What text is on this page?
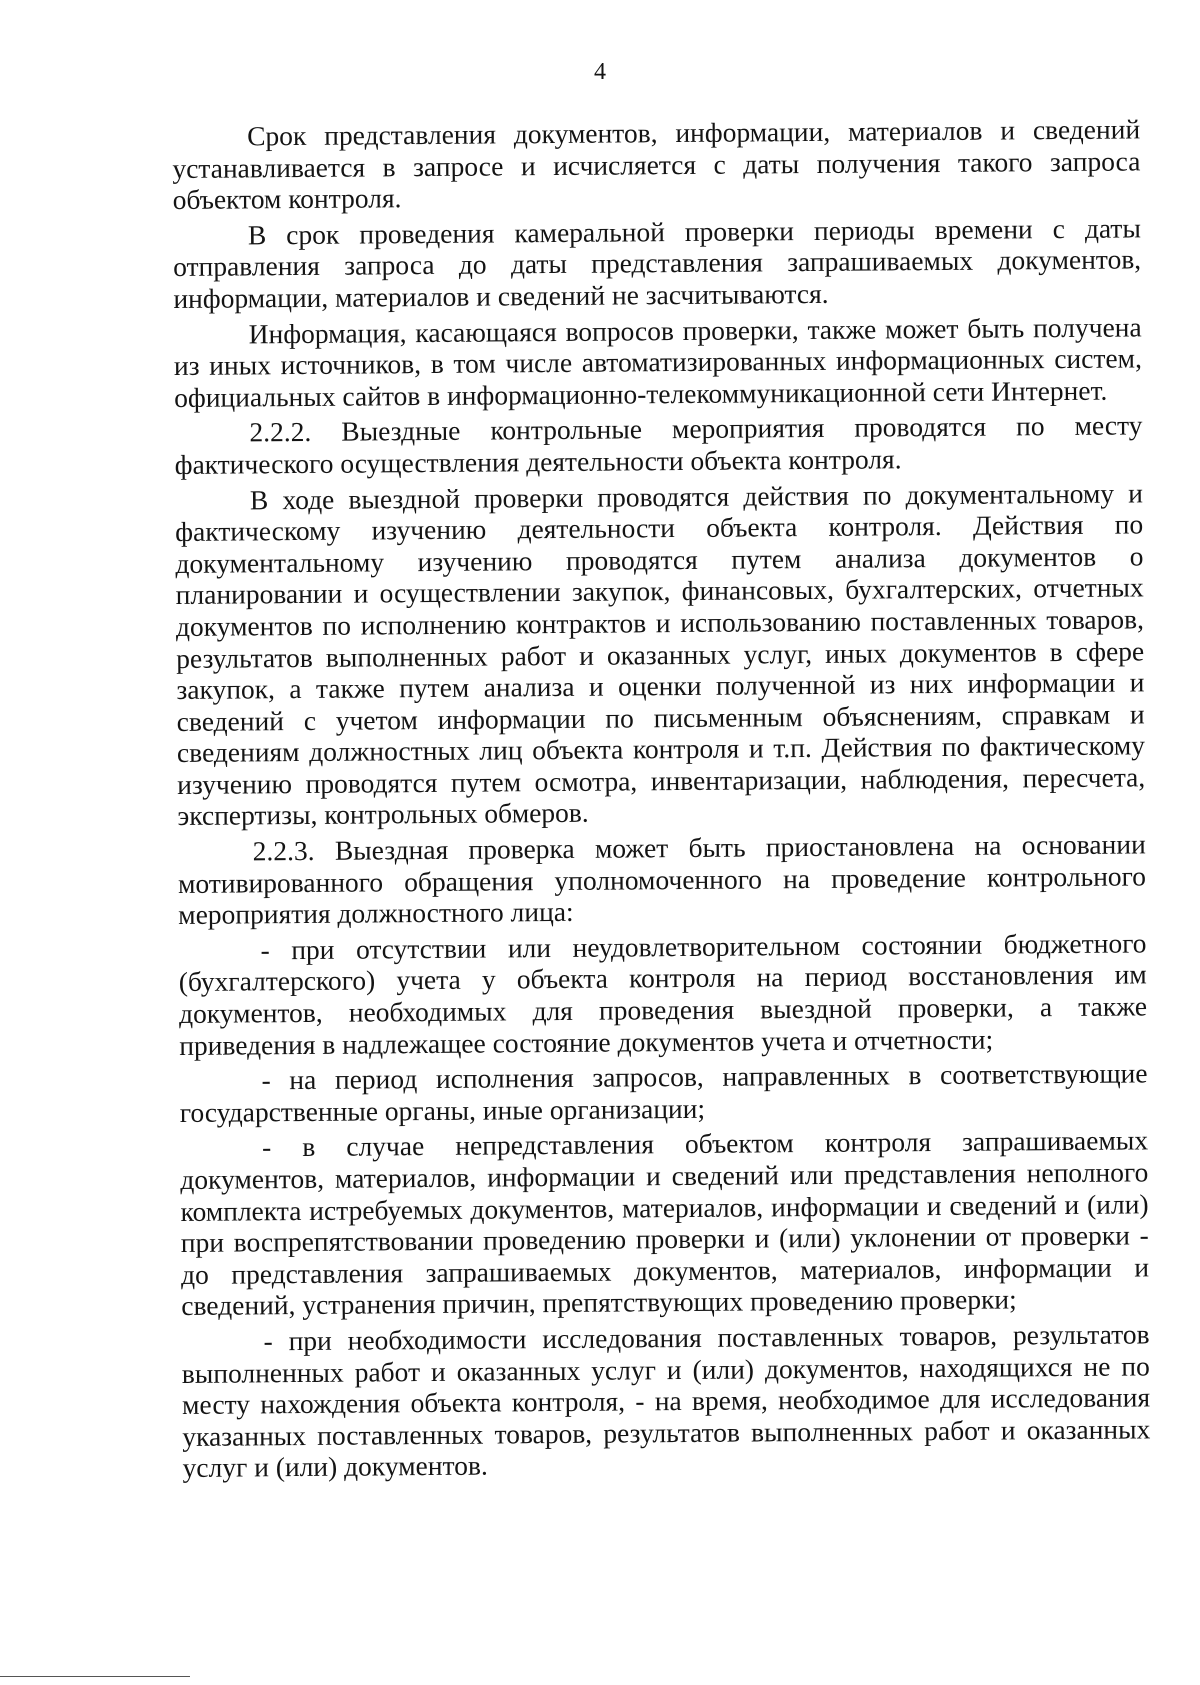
4

Срок представления документов, информации, материалов и сведений устанавливается в запросе и исчисляется с даты получения такого запроса объектом контроля.

В срок проведения камеральной проверки периоды времени с даты отправления запроса до даты представления запрашиваемых документов, информации, материалов и сведений не засчитываются.

Информация, касающаяся вопросов проверки, также может быть получена из иных источников, в том числе автоматизированных информационных систем, официальных сайтов в информационно-телекоммуникационной сети Интернет.

2.2.2. Выездные контрольные мероприятия проводятся по месту фактического осуществления деятельности объекта контроля.

В ходе выездной проверки проводятся действия по документальному и фактическому изучению деятельности объекта контроля. Действия по документальному изучению проводятся путем анализа документов о планировании и осуществлении закупок, финансовых, бухгалтерских, отчетных документов по исполнению контрактов и использованию поставленных товаров, результатов выполненных работ и оказанных услуг, иных документов в сфере закупок, а также путем анализа и оценки полученной из них информации и сведений с учетом информации по письменным объяснениям, справкам и сведениям должностных лиц объекта контроля и т.п. Действия по фактическому изучению проводятся путем осмотра, инвентаризации, наблюдения, пересчета, экспертизы, контрольных обмеров.

2.2.3. Выездная проверка может быть приостановлена на основании мотивированного обращения уполномоченного на проведение контрольного мероприятия должностного лица:

- при отсутствии или неудовлетворительном состоянии бюджетного (бухгалтерского) учета у объекта контроля на период восстановления им документов, необходимых для проведения выездной проверки, а также приведения в надлежащее состояние документов учета и отчетности;

- на период исполнения запросов, направленных в соответствующие государственные органы, иные организации;

- в случае непредставления объектом контроля запрашиваемых документов, материалов, информации и сведений или представления неполного комплекта истребуемых документов, материалов, информации и сведений и (или) при воспрепятствовании проведению проверки и (или) уклонении от проверки - до представления запрашиваемых документов, материалов, информации и сведений, устранения причин, препятствующих проведению проверки;

- при необходимости исследования поставленных товаров, результатов выполненных работ и оказанных услуг и (или) документов, находящихся не по месту нахождения объекта контроля, - на время, необходимое для исследования указанных поставленных товаров, результатов выполненных работ и оказанных услуг и (или) документов.
